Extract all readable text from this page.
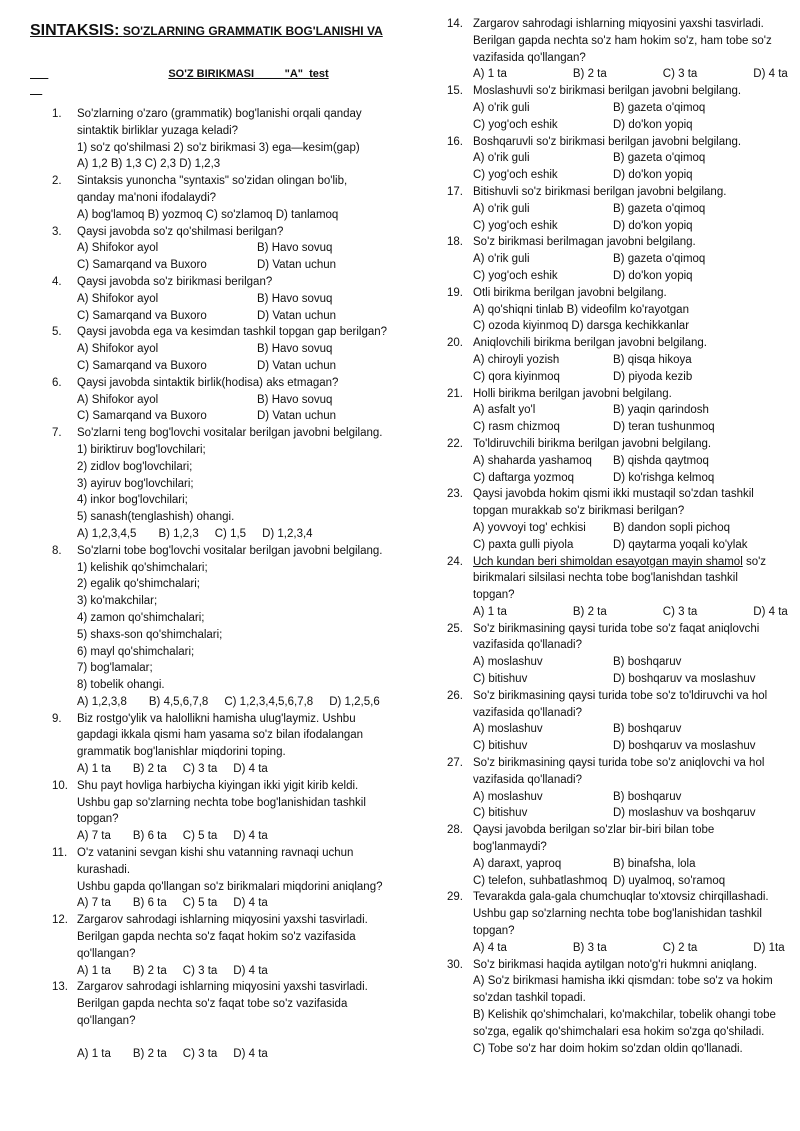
SINTAKSIS: SO'ZLARNING GRAMMATIK BOG'LANISHI VA

SO'Z BIRIKMASI          "A"  test

1. So'zlarning o'zaro (grammatik) bog'lanishi orqali qanday sintaktik birliklar yuzaga keladi?
1) so'z qo'shilmasi 2) so'z birikmasi 3) ega—kesim(gap)
A) 1,2 B) 1,3 C) 2,3 D) 1,2,3
2. Sintaksis yunoncha "syntaxis" so'zidan olingan bo'lib, qanday ma'noni ifodalaydi?
A) bog'lamoq B) yozmoq C) so'zlamoq D) tanlamoq
3. Qaysi javobda so'z qo'shilmasi berilgan?
A) Shifokor ayol	B) Havo sovuq
C) Samarqand va Buxoro	D) Vatan uchun
4. Qaysi javobda so'z birikmasi berilgan?
A) Shifokor ayol	B) Havo sovuq
C) Samarqand va Buxoro	D) Vatan uchun
5. Qaysi javobda ega va kesimdan tashkil topgan gap berilgan?
A) Shifokor ayol	B) Havo sovuq
C) Samarqand va Buxoro	D) Vatan uchun
6. Qaysi javobda sintaktik birlik(hodisa) aks etmagan?
A) Shifokor ayol	B) Havo sovuq
C) Samarqand va Buxoro	D) Vatan uchun
7. So'zlarni teng bog'lovchi vositalar berilgan javobni belgilang.
1) biriktiruv bog'lovchilari;
2) zidlov bog'lovchilari;
3) ayiruv bog'lovchilari;
4) inkor bog'lovchilari;
5) sanash(tenglashish) ohangi.
A) 1,2,3,4,5 B) 1,2,3 C) 1,5 D) 1,2,3,4
8. So'zlarni tobe bog'lovchi vositalar berilgan javobni belgilang.
1) kelishik qo'shimchalari;
2) egalik qo'shimchalari;
3) ko'makchilar;
4) zamon qo'shimchalari;
5) shaxs-son qo'shimchalari;
6) mayl qo'shimchalari;
7) bog'lamalar;
8) tobelik ohangi.
A) 1,2,3,8 B) 4,5,6,7,8 C) 1,2,3,4,5,6,7,8 D) 1,2,5,6
9. Biz rostgo'ylik va halollikni hamisha ulug'laymiz. Ushbu gapdagi ikkala qismi ham yasama so'z bilan ifodalangan grammatik bog'lanishlar miqdorini toping.
A) 1 ta B) 2 ta C) 3 ta D) 4 ta
10. Shu payt hovliga harbiycha kiyingan ikki yigit kirib keldi. Ushbu gap so'zlarning nechta tobe bog'lanishidan tashkil topgan?
A) 7 ta B) 6 ta C) 5 ta D) 4 ta
11. O'z vatanini sevgan kishi shu vatanning ravnaqi uchun kurashadi.
Ushbu gapda qo'llangan so'z birikmalari miqdorini aniqlang?
A) 7 ta B) 6 ta C) 5 ta D) 4 ta
12. Zargarov sahrodagi ishlarning miqyosini yaxshi tasvirladi. Berilgan gapda nechta so'z faqat hokim so'z vazifasida qo'llangan?
A) 1 ta B) 2 ta C) 3 ta D) 4 ta
13. Zargarov sahrodagi ishlarning miqyosini yaxshi tasvirladi. Berilgan gapda nechta so'z faqat tobe so'z vazifasida qo'llangan?
A) 1 ta B) 2 ta C) 3 ta D) 4 ta
14. Zargarov sahrodagi ishlarning miqyosini yaxshi tasvirladi. Berilgan gapda nechta so'z ham hokim so'z, ham tobe so'z vazifasida qo'llangan?
A) 1 ta	B) 2 ta	C) 3 ta	D) 4 ta
15. Moslashuvli so'z birikmasi berilgan javobni belgilang.
A) o'rik guli	B) gazeta o'qimoq
C) yog'och eshik	D) do'kon yopiq
16. Boshqaruvli so'z birikmasi berilgan javobni belgilang.
A) o'rik guli	B) gazeta o'qimoq
C) yog'och eshik	D) do'kon yopiq
17. Bitishuvli so'z birikmasi berilgan javobni belgilang.
A) o'rik guli	B) gazeta o'qimoq
C) yog'och eshik	D) do'kon yopiq
18. So'z birikmasi berilmagan javobni belgilang.
A) o'rik guli	B) gazeta o'qimoq
C) yog'och eshik	D) do'kon yopiq
19. Otli birikma berilgan javobni belgilang.
A) qo'shiqni tinlab B) videofilm ko'rayotgan
C) ozoda kiyinmoq D) darsga kechikkanlar
20. Aniqlovchili birikma berilgan javobni belgilang.
A) chiroyli yozish	B) qisqa hikoya
C) qora kiyinmoq	D) piyoda kezib
21. Holli birikma berilgan javobni belgilang.
A) asfalt yo'l	B) yaqin qarindosh
C) rasm chizmoq	D) teran tushunmoq
22. To'ldiruvchili birikma berilgan javobni belgilang.
A) shaharda yashamoq	B) qishda qaytmoq
C) daftarga yozmoq	D) ko'rishga kelmoq
23. Qaysi javobda hokim qismi ikki mustaqil so'zdan tashkil topgan murakkab so'z birikmasi berilgan?
A) yovvoyi tog' echkisi	B) dandon sopli pichoq
C) paxta gulli piyola	D) qaytarma yoqali ko'ylak
24. Uch kundan beri shimoldan esayotgan mayin shamol so'z birikmalari silsilasi nechta tobe bog'lanishdan tashkil topgan?
A) 1 ta	B) 2 ta	C) 3 ta	D) 4 ta
25. So'z birikmasining qaysi turida tobe so'z faqat aniqlovchi vazifasida qo'llanadi?
A) moslashuv	B) boshqaruv
C) bitishuv	D) boshqaruv va moslashuv
26. So'z birikmasining qaysi turida tobe so'z to'ldiruvchi va hol vazifasida qo'llanadi?
A) moslashuv	B) boshqaruv
C) bitishuv	D) boshqaruv va moslashuv
27. So'z birikmasining qaysi turida tobe so'z aniqlovchi va hol vazifasida qo'llanadi?
A) moslashuv	B) boshqaruv
C) bitishuv	D) moslashuv va boshqaruv
28. Qaysi javobda berilgan so'zlar bir-biri bilan tobe bog'lanmaydi?
A) daraxt, yaproq	B) binafsha, lola
C) telefon, suhbatlashmoq D) uyalmoq, so'ramoq
29. Tevarakda gala-gala chumchuqlar to'xtovsiz chirqillashadi.
Ushbu gap so'zlarning nechta tobe bog'lanishidan tashkil topgan?
A) 4 ta	B) 3 ta	C) 2 ta	D) 1ta
30. So'z birikmasi haqida aytilgan noto'g'ri hukmni aniqlang.
A) So'z birikmasi hamisha ikki qismdan: tobe so'z va hokim so'zdan tashkil topadi.
B) Kelishik qo'shimchalari, ko'makchilar, tobelik ohangi tobe so'zga, egalik qo'shimchalari esa hokim so'zga qo'shiladi.
C) Tobe so'z har doim hokim so'zdan oldin qo'llanadi.
